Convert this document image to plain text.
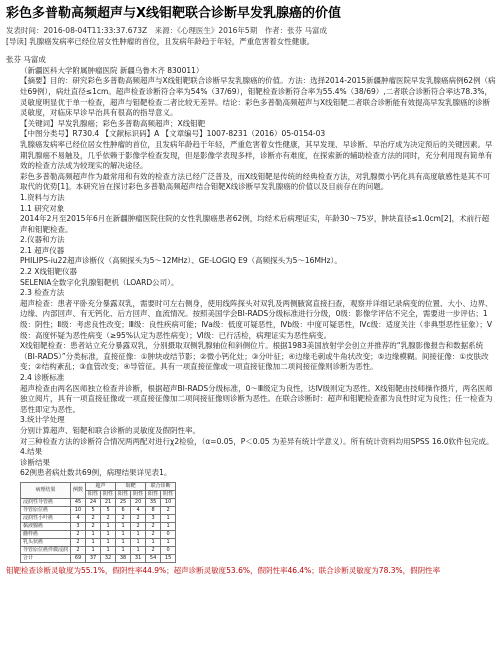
彩色多普勒高频超声与X线钼靶联合诊断早发乳腺癌的价值
发表时间：2016-08-04T11:33:37.673Z 来源：《心理医生》2016年5期 作者：张芬 马富成

[导读] 乳腺癌发病率已经位居女性肿瘤的首位，且发病年龄趋于年轻，严重危害着女性健康。

张芬 马富成

（新疆医科大学附属肿瘤医院 新疆乌鲁木齐 830011）

【摘要】目的：研究彩色多普勒高频超声与X线钼靶联合诊断早发乳腺癌的价值。方法：选择2014-2015新疆肿瘤医院早发乳腺癌病例62例（病灶69例），病灶直径≤1cm。超声检查诊断符合率为54%（37/69），钼靶检查诊断符合率为55.4%（38/69）,二者联合诊断符合率达78.3%，灵敏度明显优于单一检查，超声与钼靶检查二者比较无差异。结论：彩色多普勒高频超声与X线钼靶二者联合诊断能有效提高早发乳腺癌的诊断灵敏度，对临床早诊早治具有很高的指导意义。

【关键词】早发乳腺癌；彩色多普勒高频超声；X线钼靶

【中图分类号】R730.4 【文献标识码】A 【文章编号】1007-8231（2016）05-0154-03

乳腺癌发病率已经位居女性肿瘤的首位，且发病年龄趋于年轻，严重危害着女性健康，其早发现、早诊断、早治疗成为决定预后的关键因素。早期乳腺癌不易触及，几乎依赖于影像学检查发现，但是影像学表现多样，诊断亦有难度，在探索新的辅助检查方法的同时，充分利用现有简单有效的检查方法成为较现实的解决途径。

彩色多普勒高频超声作为最常用和有效的检查方法已经广泛普及，而X线钼靶是传统的经典检查方法，对乳腺微小钙化具有高度敏感性是其不可取代的优势[1]。本研究旨在探讨彩色多普勒高频超声结合钼靶X线诊断早发乳腺癌的价值以及目前存在的问题。

1.资料与方法

1.1 研究对象

2014年2月至2015年6月在新疆肿瘤医院住院的女性乳腺癌患者62例，均经术后病理证实，年龄30～75岁，肿块直径≤1.0cm[2]，术前行超声和钼靶检查。

2.仪器和方法

2.1 超声仪器

PHILIPS-iu22超声诊断仪（高频探头为5～12MHz）、GE-LOGIQ E9（高频探头为5～16MHz）。

2.2 X线钼靶仪器

SELENIA全数字化乳腺钼靶机（LOARD公司）。

2.3 检查方法

超声检查：患者平卧充分暴露双乳，需要时可左右侧身，使用线阵探头对双乳及两侧腋窝直接扫查，观察并详细记录病变的位置、大小、边界、边缘、内部回声、有无钙化、后方回声、血流情况。按照美国学会BI-RADS分级标准进行分级，0级：影像学评估不完全，需要进一步评估；1级：阴性；Ⅱ级：考虑良性改变；Ⅲ级：良性疾病可能；Ⅳa级：低度可疑恶性，Ⅳb级：中度可疑恶性，Ⅳc级：适度关注（非典型恶性征象）；Ⅴ级：高度怀疑为恶性病变（≥95%认定为恶性病变）；Ⅵ级：已行活检，病理证实为恶性病变。

X线钼靶检查：患者站立充分暴露双乳，分别摄取双侧乳腺轴位和斜侧位片。根据1983美国放射学会创立并推荐的“乳腺影像报告和数据系统（BI-RADS）”分类标准，直接征像：①肿块或结节影；②微小钙化灶；③分叶征；④边缘毛刺或牛角状改变；⑤边缘模糊。间接征像：①皮肤改变；②结构紊乱；③血管改变；④导管征。具有一项直接征像或一项直接征像加二项间接征像则诊断为恶性。

2.4 诊断标准

超声检查由两名医师独立检查并诊断，根据超声BI-RADS分级标准，0～Ⅲ级定为良性，达Ⅳ级则定为恶性。X线钼靶由技师操作摄片，两名医师独立阅片，具有一项直接征像或一项直接征像加二项间接征像则诊断为恶性。在联合诊断时：超声和钼靶检查都为良性时定为良性；任一检查为恶性即定为恶性。

3.统计学处理

分别计算超声、钼靶和联合诊断的灵敏度及假阴性率。

对三种检查方法的诊断符合情况两两配对进行χ2检验，（α=0.05，P＜0.05 为差异有统计学意义）。所有统计资料均用SPSS 16.0软件包完成。

4.结果

诊断结果

62例患者病灶数共69例，病理结果详见表1。

病理结果	例数	超声		钼靶		联合诊断	
		阳性	阴性	阳性	阴性	阳性	阴性
浸润性导管癌	45	24	21	25	20	35	10
导管原位癌	10	5	5	6	4	8	2
浸润性小叶癌	4	2	2	2	2	3	1
黏液腺癌	3	2	1	1	2	2	1
髓样癌	2	1	1	1	1	2	0
乳头状癌	2	1	1	1	1	1	1
导管原位癌伴微浸润	2	1	1	1	1	2	0
合计	69	37	32	38	31	54	15

钼靶检查诊断灵敏度为55.1%，假阴性率44.9%；超声诊断灵敏度53.6%，假阴性率46.4%；联合诊断灵敏度为78.3%，假阴性率
